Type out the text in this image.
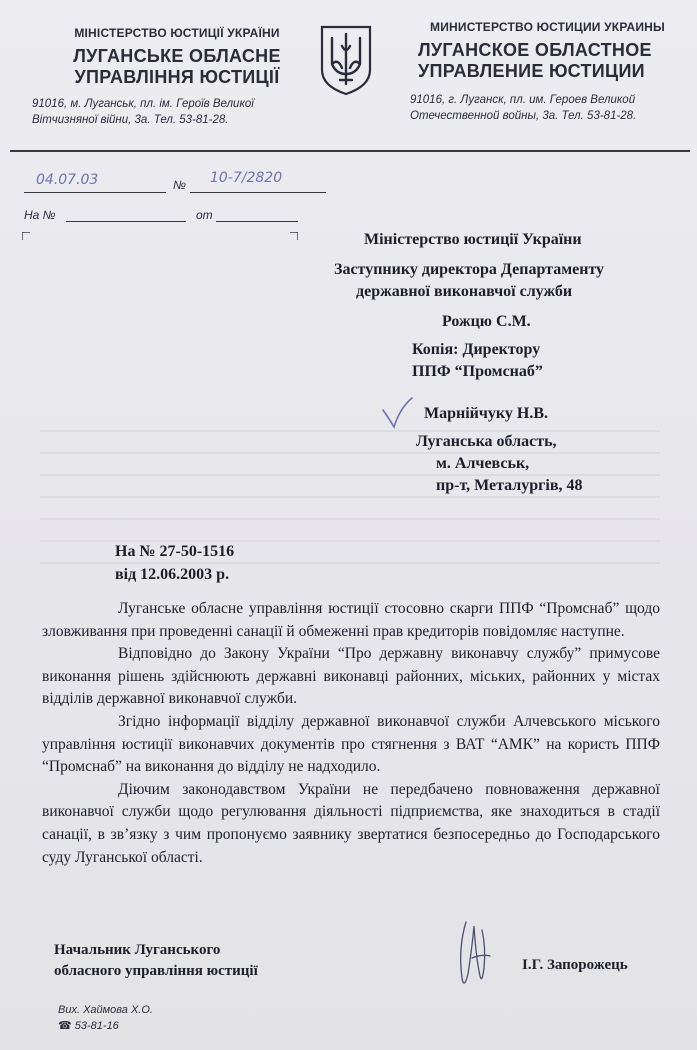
МІНІСТЕРСТВО ЮСТИЦІЇ УКРАЇНИ
ЛУГАНСЬКЕ ОБЛАСНЕ
УПРАВЛІННЯ ЮСТИЦІЇ
91016, м. Луганськ, пл. ім. Героїв Великої
Вітчизняної війни, 3а. Тел. 53-81-28.
МИНИСТЕРСТВО ЮСТИЦИИ УКРАИНЫ
ЛУГАНСКОЕ ОБЛАСТНОЕ
УПРАВЛЕНИЕ ЮСТИЦИИ
91016, г. Луганск, пл. им. Героев Великой
Отечественной войны, 3а. Тел. 53-81-28.
04.07.03	№ 10-7/2820
На №	от
Міністерство юстиції України
Заступнику директора Департаменту
державної виконавчої служби
Рожцю С.М.
Копія: Директору
ППФ “Промснаб”
Марнійчуку Н.В.
Луганська область,
м. Алчевськ,
пр-т, Металургів, 48
На № 27-50-1516
від 12.06.2003 р.

Луганське обласне управління юстиції стосовно скарги ППФ “Промснаб” щодо зловживання при проведенні санації й обмеженні прав кредиторів повідомляє наступне.

Відповідно до Закону України “Про державну виконавчу службу” примусове виконання рішень здійснюють державні виконавці районних, міських, районних у містах відділів державної виконавчої служби.

Згідно інформації відділу державної виконавчої служби Алчевського міського управління юстиції виконавчих документів про стягнення з ВАТ “АМК” на користь ППФ “Промснаб” на виконання до відділу не надходило.

Діючим законодавством України не передбачено повноваження державної виконавчої служби щодо регулювання діяльності підприємства, яке знаходиться в стадії санації, в зв’язку з чим пропонуємо заявнику звертатися безпосередньо до Господарського суду Луганської області.

Начальник Луганського
обласного управління юстиції	І.Г. Запорожець
Вих. Хаймова Х.О.
☎ 53-81-16
